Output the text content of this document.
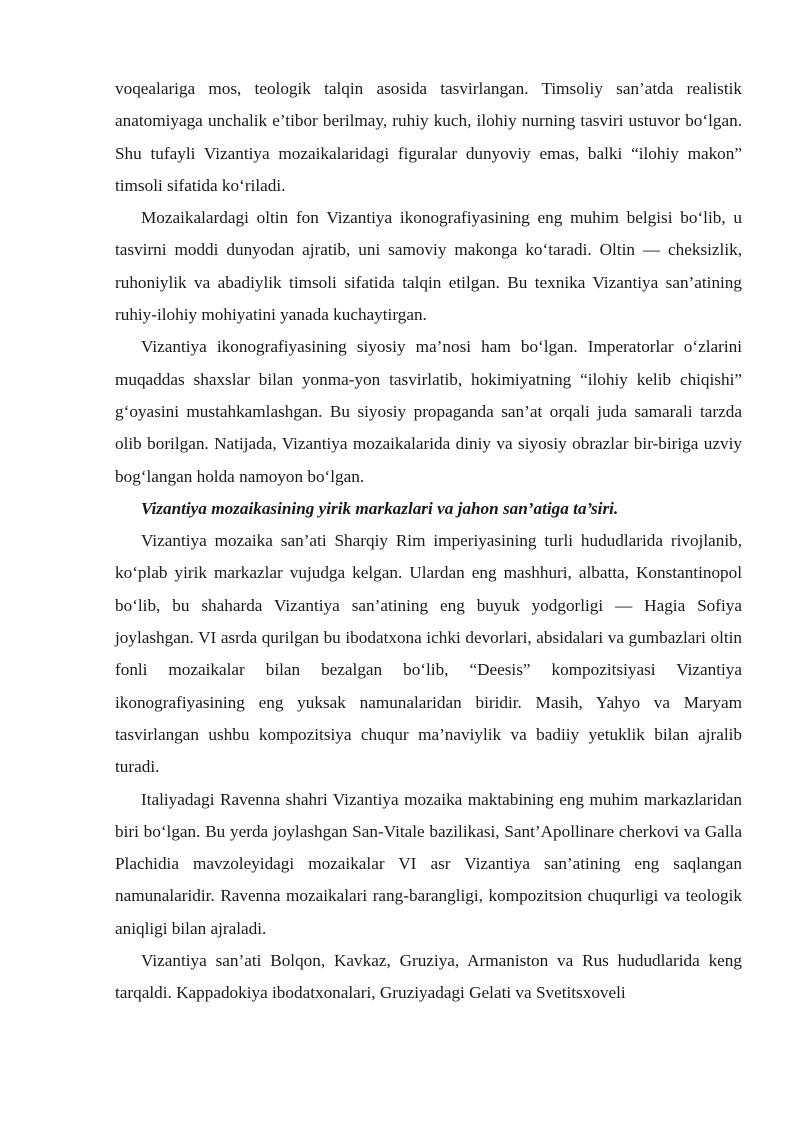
voqealariga mos, teologik talqin asosida tasvirlangan. Timsoliy san’atda realistik anatomiyaga unchalik e’tibor berilmay, ruhiy kuch, ilohiy nurning tasviri ustuvor bo‘lgan. Shu tufayli Vizantiya mozaikalaridagi figuralar dunyoviy emas, balki “ilohiy makon” timsoli sifatida ko‘riladi.

Mozaikalardagi oltin fon Vizantiya ikonografiyasining eng muhim belgisi bo‘lib, u tasvirni moddi dunyodan ajratib, uni samoviy makonga ko‘taradi. Oltin — cheksizlik, ruhoniylik va abadiylik timsoli sifatida talqin etilgan. Bu texnika Vizantiya san’atining ruhiy-ilohiy mohiyatini yanada kuchaytirgan.

Vizantiya ikonografiyasining siyosiy ma’nosi ham bo‘lgan. Imperatorlar o‘zlarini muqaddas shaxslar bilan yonma-yon tasvirlatib, hokimiyatning “ilohiy kelib chiqishi” g‘oyasini mustahkamlashgan. Bu siyosiy propaganda san’at orqali juda samarali tarzda olib borilgan. Natijada, Vizantiya mozaikalarida diniy va siyosiy obrazlar bir-biriga uzviy bog‘langan holda namoyon bo‘lgan.

Vizantiya mozaikasining yirik markazlari va jahon san’atiga ta’siri.

Vizantiya mozaika san’ati Sharqiy Rim imperiyasining turli hududlarida rivojlanib, ko‘plab yirik markazlar vujudga kelgan. Ulardan eng mashhuri, albatta, Konstantinopol bo‘lib, bu shaharda Vizantiya san’atining eng buyuk yodgorligi — Hagia Sofiya joylashgan. VI asrda qurilgan bu ibodatxona ichki devorlari, absidalari va gumbazlari oltin fonli mozaikalar bilan bezalgan bo‘lib, “Deesis” kompozitsiyasi Vizantiya ikonografiyasining eng yuksak namunalaridan biridir. Masih, Yahyo va Maryam tasvirlangan ushbu kompozitsiya chuqur ma’naviylik va badiiy yetuklik bilan ajralib turadi.

Italiyadagi Ravenna shahri Vizantiya mozaika maktabining eng muhim markazlaridan biri bo‘lgan. Bu yerda joylashgan San-Vitale bazilikasi, Sant’Apollinare cherkovi va Galla Plachidia mavzoleyidagi mozaikalar VI asr Vizantiya san’atining eng saqlangan namunalaridir. Ravenna mozaikalari rang-barangligi, kompozitsion chuqurligi va teologik aniqligi bilan ajraladi.

Vizantiya san’ati Bolqon, Kavkaz, Gruziya, Armaniston va Rus hududlarida keng tarqaldi. Kappadokiya ibodatxonalari, Gruziyadagi Gelati va Svetitsxoveli
